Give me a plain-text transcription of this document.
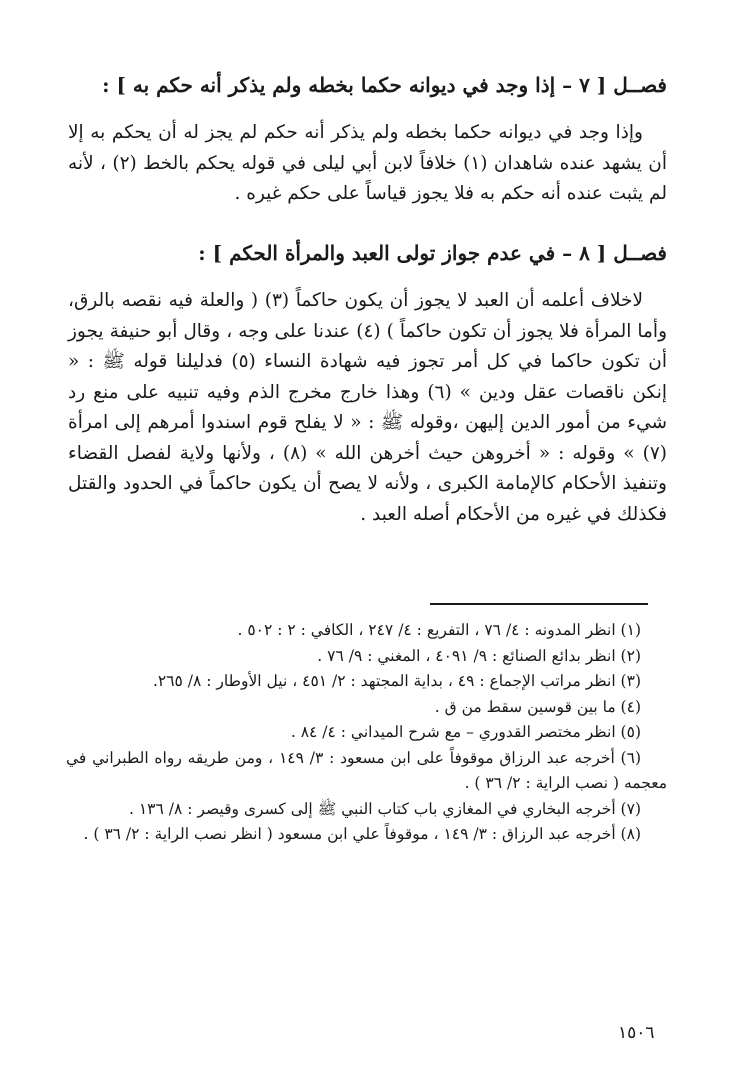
فصــل [ ٧ – إذا وجد في ديوانه حكما بخطه ولم يذكر أنه حكم به ] :
وإذا وجد في ديوانه حكما بخطه ولم يذكر أنه حكم لم يجز له أن يحكم به إلا أن يشهد عنده شاهدان (١) خلافاً لابن أبي ليلى في قوله يحكم بالخط (٢) ، لأنه لم يثبت عنده أنه حكم به فلا يجوز قياساً على حكم غيره .
فصــل [ ٨ – في عدم جواز تولى العبد والمرأة الحكم ] :
لاخلاف أعلمه أن العبد لا يجوز أن يكون حاكماً (٣) ( والعلة فيه نقصه بالرق، وأما المرأة فلا يجوز أن تكون حاكماً ) (٤) عندنا على وجه ، وقال أبو حنيفة يجوز أن تكون حاكما في كل أمر تجوز فيه شهادة النساء (٥) فدليلنا قوله ﷺ : « إنكن ناقصات عقل ودين » (٦) وهذا خارج مخرج الذم وفيه تنبيه على منع رد شيء من أمور الدين إليهن ،وقوله ﷺ : « لا يفلح قوم اسندوا أمرهم إلى امرأة (٧) » وقوله : « أخروهن حيث أخرهن الله » (٨) ، ولأنها ولاية لفصل القضاء وتنفيذ الأحكام كالإمامة الكبرى ، ولأنه لا يصح أن يكون حاكماً في الحدود والقتل فكذلك في غيره من الأحكام أصله العبد .
(١) انظر المدونه : ٤/ ٧٦ ، التفريع : ٤/ ٢٤٧ ، الكافي : ٢ : ٥٠٢ .
(٢) انظر بدائع الصنائع : ٩/ ٤٠٩١ ، المغني : ٩/ ٧٦ .
(٣) انظر مراتب الإجماع : ٤٩ ، بداية المجتهد : ٢/ ٤٥١ ، نيل الأوطار : ٨/ ٢٦٥.
(٤) ما بين قوسين سقط من ق .
(٥) انظر مختصر القدوري – مع شرح الميداني : ٤/ ٨٤ .
(٦) أخرجه عبد الرزاق موقوفاً على ابن مسعود : ٣/ ١٤٩ ، ومن طريقه رواه الطبراني في معجمه ( نصب الراية : ٢/ ٣٦ ) .
(٧) أخرجه البخاري في المغازي باب كتاب النبي ﷺ إلى كسرى وقيصر : ٨/ ١٣٦ .
(٨) أخرجه عبد الرزاق : ٣/ ١٤٩ ، موقوفاً علي ابن مسعود ( انظر نصب الراية : ٢/ ٣٦ ) .
١٥٠٦
